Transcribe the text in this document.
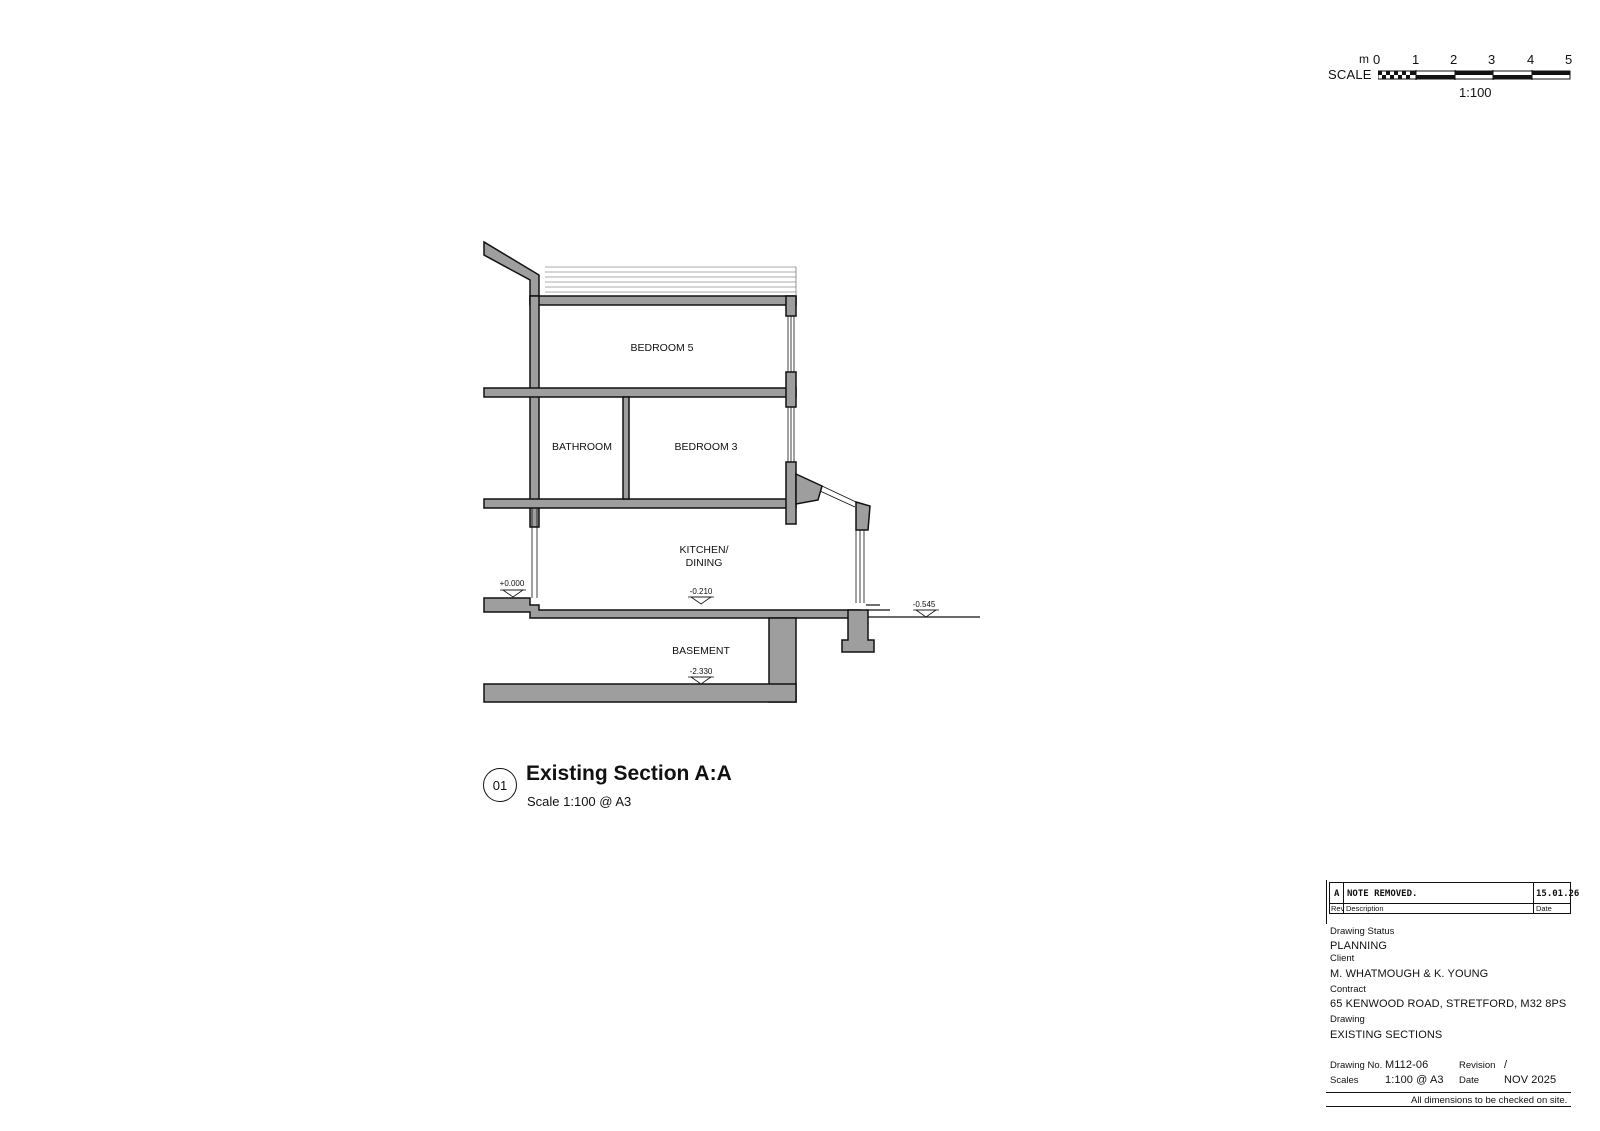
m 0 1 2 3 4 5
SCALE
1:100
BEDROOM 5
BATHROOM	BEDROOM 3
KITCHEN/
DINING
BASEMENT
+0.000
-0.210
-0.545
-2.330
01 Existing Section A:A
Scale 1:100 @ A3
A NOTE REMOVED.	15.01.26
Rev Description	Date
Drawing Status
PLANNING
Client
M. WHATMOUGH & K. YOUNG
Contract
65 KENWOOD ROAD, STRETFORD, M32 8PS
Drawing
EXISTING SECTIONS
Drawing No. M112-06	Revision /
Scales 1:100 @ A3 Date NOV 2025
All dimensions to be checked on site.
